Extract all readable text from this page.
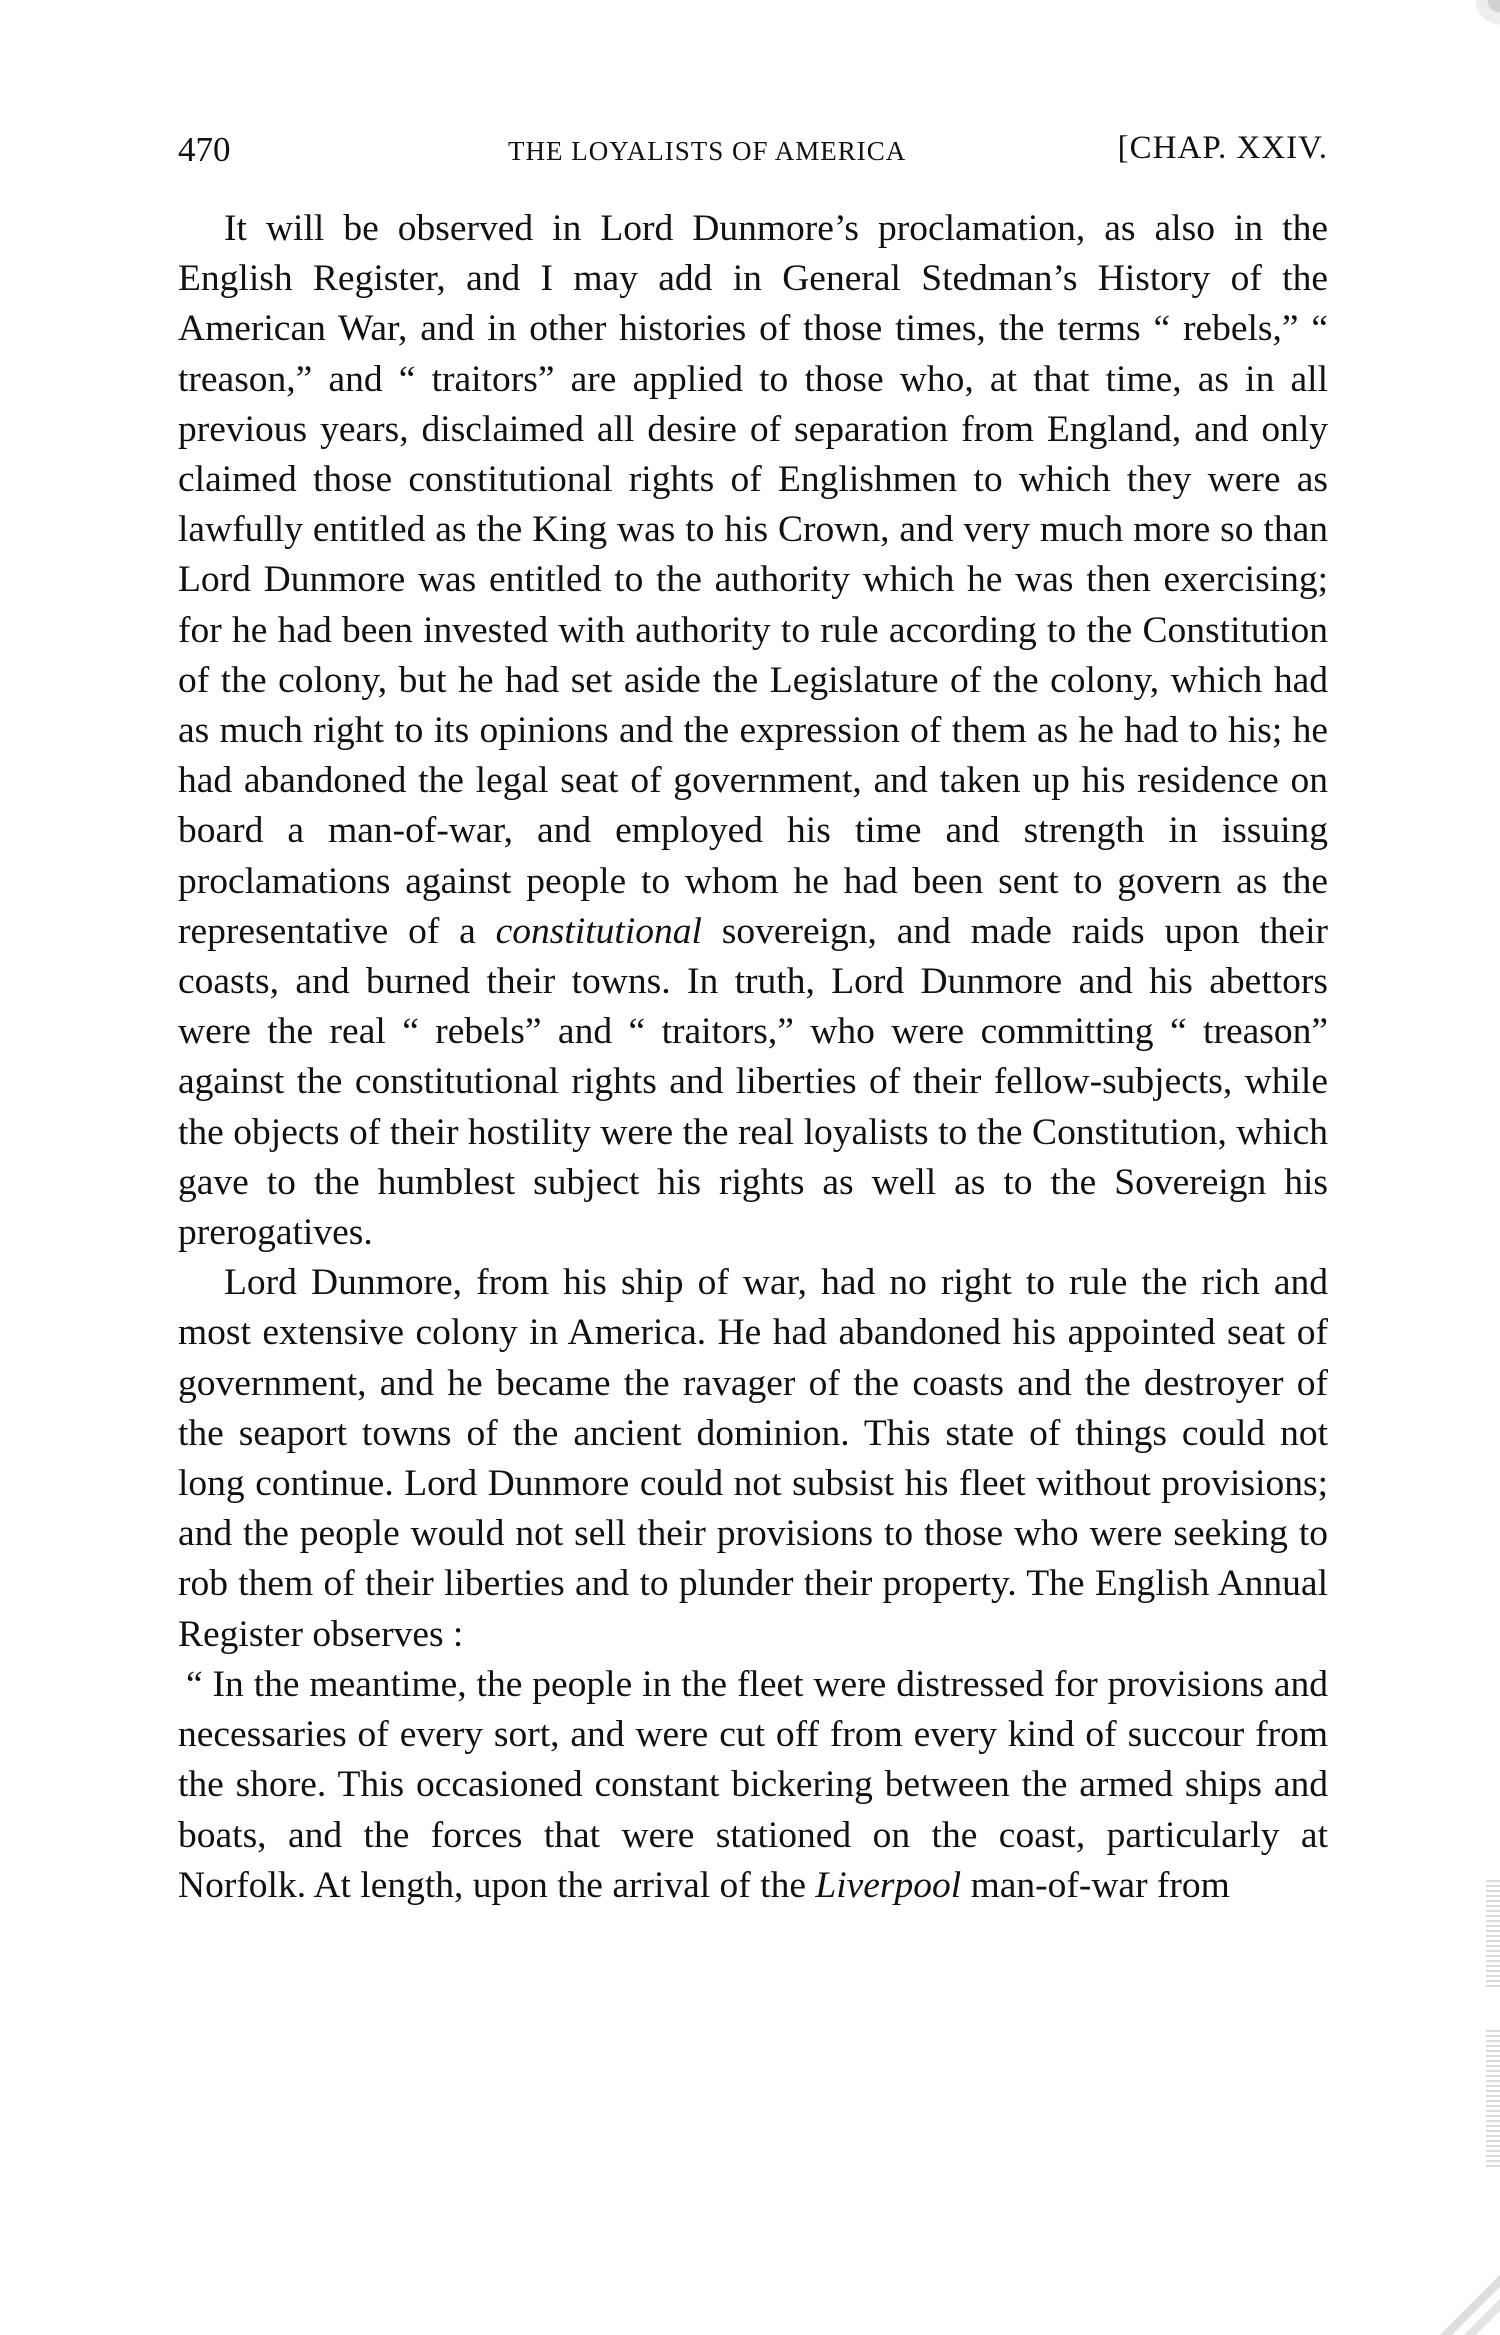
470	THE LOYALISTS OF AMERICA	[CHAP. XXIV.

It will be observed in Lord Dunmore’s proclamation, as also in the English Register, and I may add in General Stedman’s History of the American War, and in other histories of those times, the terms “ rebels,” “ treason,” and “ traitors” are applied to those who, at that time, as in all previous years, disclaimed all desire of separation from England, and only claimed those constitutional rights of Englishmen to which they were as lawfully entitled as the King was to his Crown, and very much more so than Lord Dunmore was entitled to the authority which he was then exercising; for he had been invested with authority to rule according to the Constitution of the colony, but he had set aside the Legislature of the colony, which had as much right to its opinions and the expression of them as he had to his; he had abandoned the legal seat of government, and taken up his residence on board a man-of-war, and employed his time and strength in issuing proclamations against people to whom he had been sent to govern as the representative of a constitutional sovereign, and made raids upon their coasts, and burned their towns. In truth, Lord Dunmore and his abettors were the real “ rebels” and “ traitors,” who were committing “ treason” against the constitutional rights and liberties of their fellow-subjects, while the objects of their hostility were the real loyalists to the Constitution, which gave to the humblest subject his rights as well as to the Sovereign his prerogatives.

Lord Dunmore, from his ship of war, had no right to rule the rich and most extensive colony in America. He had abandoned his appointed seat of government, and he became the ravager of the coasts and the destroyer of the seaport towns of the ancient dominion. This state of things could not long continue. Lord Dunmore could not subsist his fleet without provisions; and the people would not sell their provisions to those who were seeking to rob them of their liberties and to plunder their property. The English Annual Register observes :

“ In the meantime, the people in the fleet were distressed for provisions and necessaries of every sort, and were cut off from every kind of succour from the shore. This occasioned constant bickering between the armed ships and boats, and the forces that were stationed on the coast, particularly at Norfolk. At length, upon the arrival of the Liverpool man-of-war from
